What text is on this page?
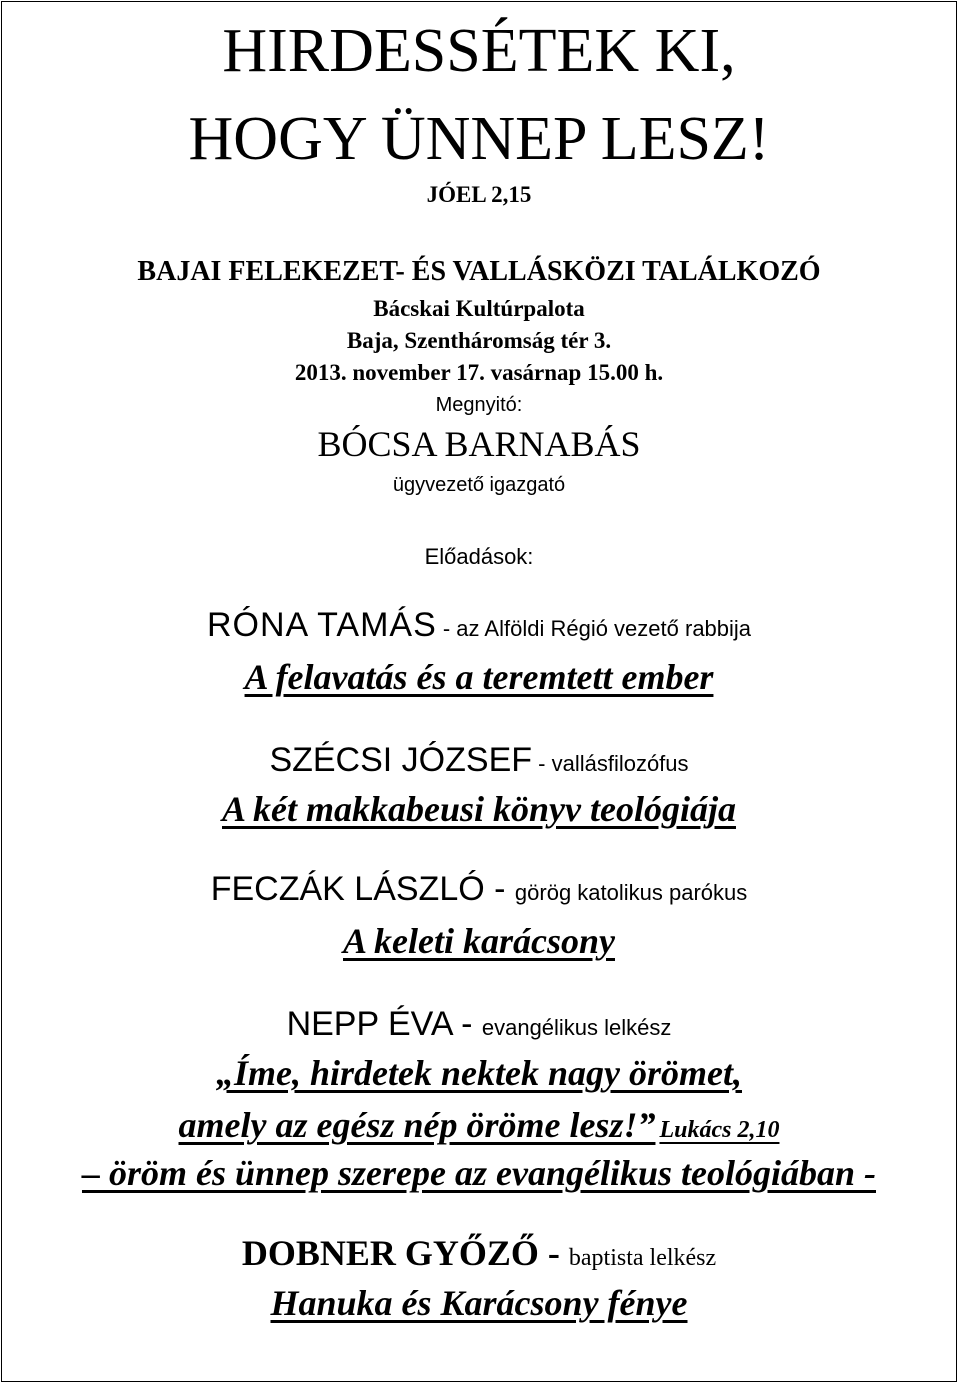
HIRDESSÉTEK KI,
HOGY ÜNNEP LESZ!
JÓEL 2,15
BAJAI FELEKEZET- ÉS VALLÁSKÖZI TALÁLKOZÓ
Bácskai Kultúrpalota
Baja, Szentháromság tér 3.
2013. november 17. vasárnap 15.00 h.
Megnyitó:
BÓCSA BARNABÁS
ügyvezető igazgató
Előadások:
RÓNA TAMÁS - az Alföldi Régió vezető rabbija
A felavatás és a teremtett ember
SZÉCSI JÓZSEF - vallásfilozófus
A két makkabeusi könyv teológiája
FECZÁK LÁSZLÓ - görög katolikus parókus
A keleti karácsony
NEPP ÉVA - evangélikus lelkész
„Íme, hirdetek nektek nagy örömet,
amely az egész nép öröme lesz!” Lukács 2,10
– öröm és ünnep szerepe az evangélikus teológiában -
DOBNER GYŐZŐ - baptista lelkész
Hanuka és Karácsony fénye
